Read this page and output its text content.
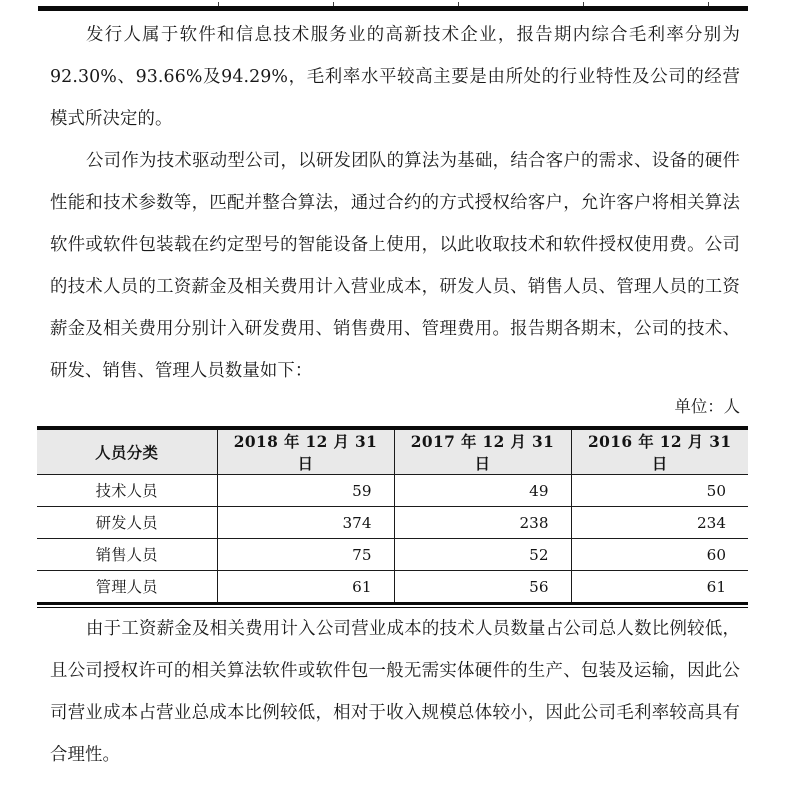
发行人属于软件和信息技术服务业的高新技术企业，报告期内综合毛利率分别为92.30%、93.66%及94.29%，毛利率水平较高主要是由所处的行业特性及公司的经营模式所决定的。

公司作为技术驱动型公司，以研发团队的算法为基础，结合客户的需求、设备的硬件性能和技术参数等，匹配并整合算法，通过合约的方式授权给客户，允许客户将相关算法软件或软件包装载在约定型号的智能设备上使用，以此收取技术和软件授权使用费。公司的技术人员的工资薪金及相关费用计入营业成本，研发人员、销售人员、管理人员的工资薪金及相关费用分别计入研发费用、销售费用、管理费用。报告期各期末，公司的技术、研发、销售、管理人员数量如下：

单位：人

人员分类	2018 年 12 月 31 日	2017 年 12 月 31 日	2016 年 12 月 31 日
技术人员	59	49	50
研发人员	374	238	234
销售人员	75	52	60
管理人员	61	56	61

由于工资薪金及相关费用计入公司营业成本的技术人员数量占公司总人数比例较低，且公司授权许可的相关算法软件或软件包一般无需实体硬件的生产、包装及运输，因此公司营业成本占营业总成本比例较低，相对于收入规模总体较小，因此公司毛利率较高具有合理性。
